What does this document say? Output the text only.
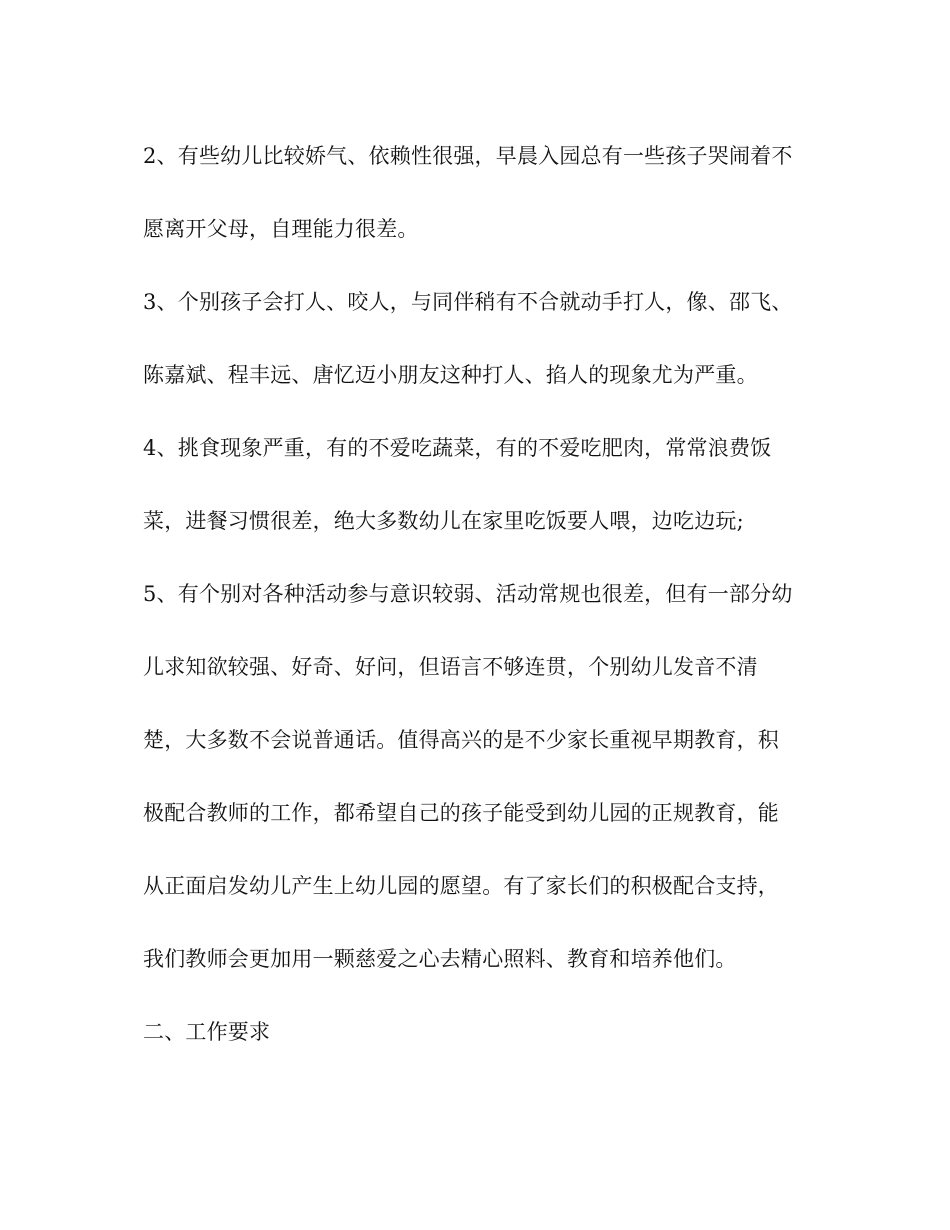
2、有些幼儿比较娇气、依赖性很强，早晨入园总有一些孩子哭闹着不
愿离开父母，自理能力很差。
3、个别孩子会打人、咬人，与同伴稍有不合就动手打人，像、邵飞、
陈嘉斌、程丰远、唐忆迈小朋友这种打人、掐人的现象尤为严重。
4、挑食现象严重，有的不爱吃蔬菜，有的不爱吃肥肉，常常浪费饭
菜，进餐习惯很差，绝大多数幼儿在家里吃饭要人喂，边吃边玩;
5、有个别对各种活动参与意识较弱、活动常规也很差，但有一部分幼
儿求知欲较强、好奇、好问，但语言不够连贯，个别幼儿发音不清
楚，大多数不会说普通话。值得高兴的是不少家长重视早期教育，积
极配合教师的工作，都希望自己的孩子能受到幼儿园的正规教育，能
从正面启发幼儿产生上幼儿园的愿望。有了家长们的积极配合支持，
我们教师会更加用一颗慈爱之心去精心照料、教育和培养他们。
二、工作要求
